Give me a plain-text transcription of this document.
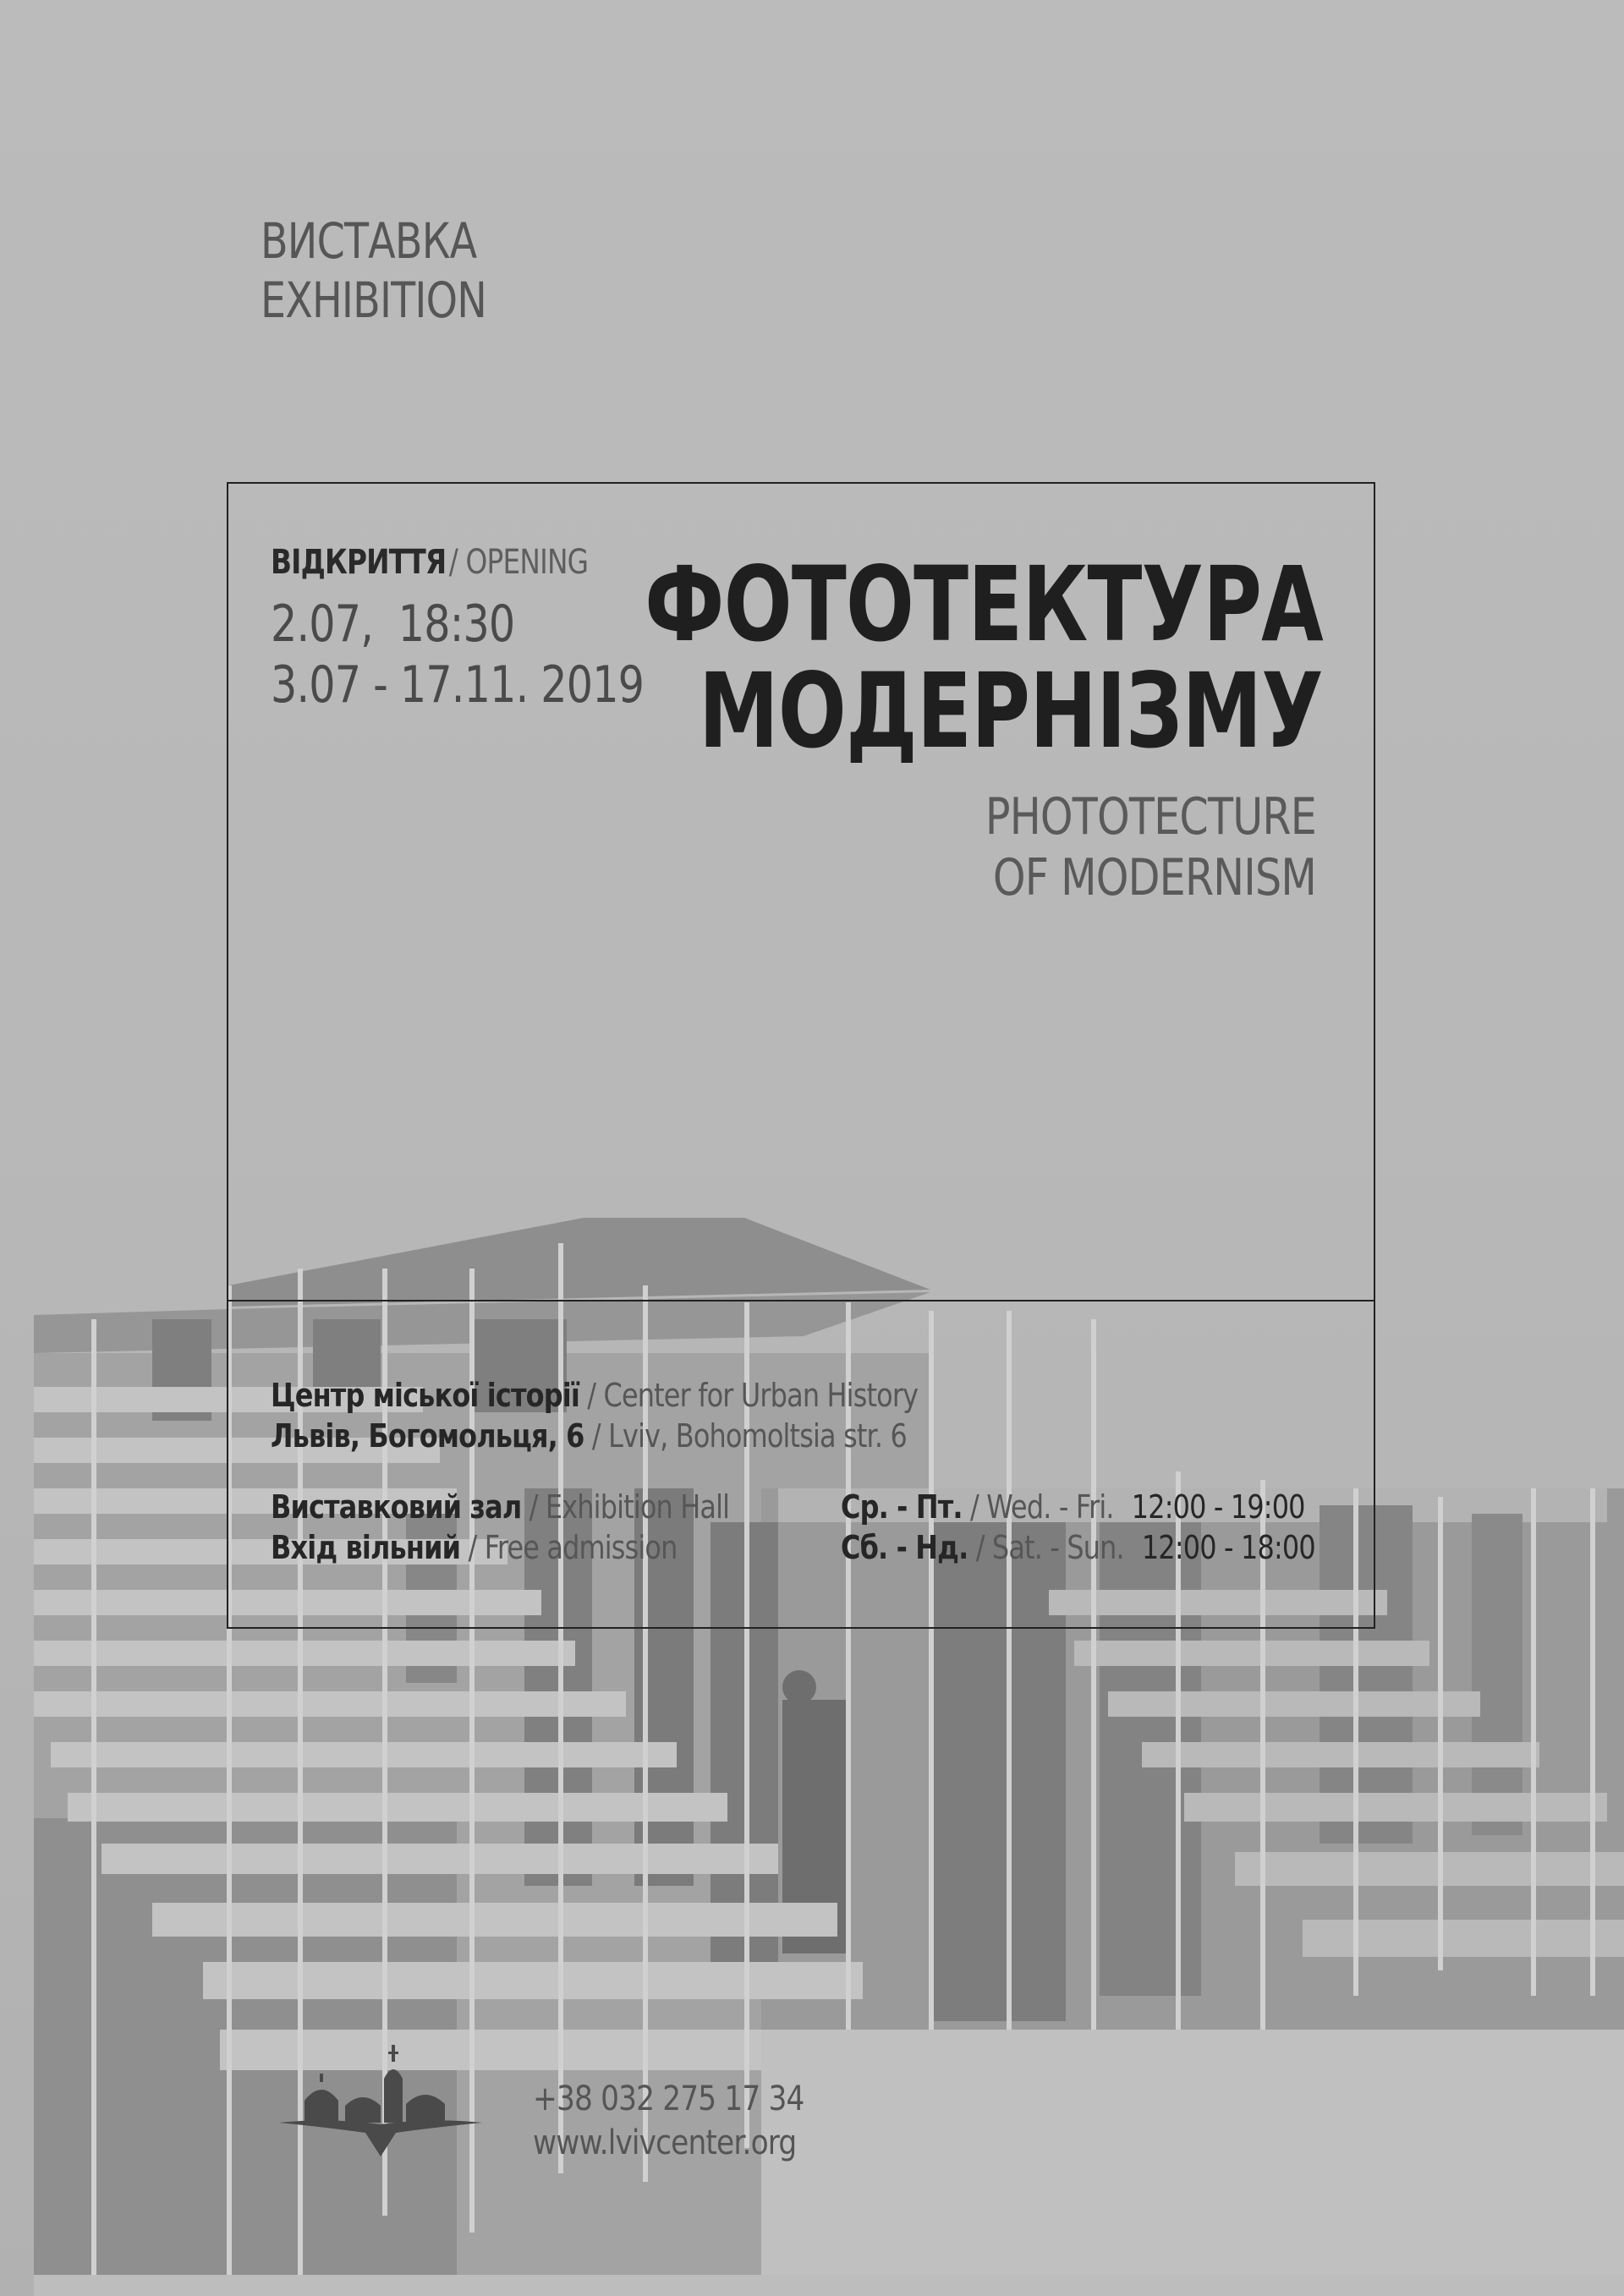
ВИСТАВКА
EXHIBITION
ВІДКРИТТЯ / OPENING
2.07,  18:30
3.07 - 17.11. 2019
ФОТОТЕКТУРА
МОДЕРНІЗМУ
PHOTOTECTURE
OF MODERNISM
Центр міської історії / Center for Urban History
Львів, Богомольця, 6 / Lviv, Bohomoltsia str. 6
Виставковий зал / Exhibition Hall
Вхід вільний / Free admission
Ср. - Пт. / Wed. - Fri. 12:00 - 19:00
Сб. - Нд. / Sat. - Sun. 12:00 - 18:00
+38 032 275 17 34
www.lvivcenter.org
